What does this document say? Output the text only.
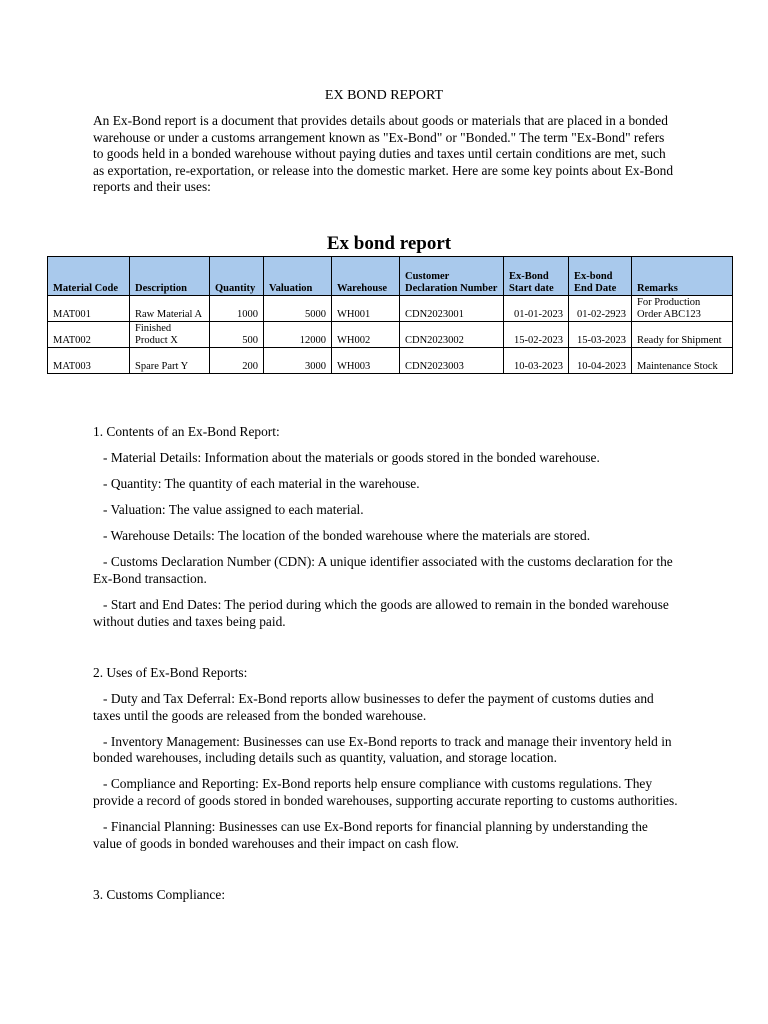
EX BOND REPORT
An Ex-Bond report is a document that provides details about goods or materials that are placed in a bonded warehouse or under a customs arrangement known as "Ex-Bond" or "Bonded." The term "Ex-Bond" refers to goods held in a bonded warehouse without paying duties and taxes until certain conditions are met, such as exportation, re-exportation, or release into the domestic market. Here are some key points about Ex-Bond reports and their uses:
Ex bond report
Material Code	Description	Quantity	Valuation	Warehouse	Customer Declaration Number	Ex-Bond Start date	Ex-bond End Date	Remarks
MAT001	Raw Material A	1000	5000	WH001	CDN2023001	01-01-2023	01-02-2923	For Production Order ABC123
MAT002	Finished Product X	500	12000	WH002	CDN2023002	15-02-2023	15-03-2023	Ready for Shipment
MAT003	Spare Part Y	200	3000	WH003	CDN2023003	10-03-2023	10-04-2023	Maintenance Stock

1. Contents of an Ex-Bond Report:

- Material Details: Information about the materials or goods stored in the bonded warehouse.

- Quantity: The quantity of each material in the warehouse.

- Valuation: The value assigned to each material.

- Warehouse Details: The location of the bonded warehouse where the materials are stored.

- Customs Declaration Number (CDN): A unique identifier associated with the customs declaration for the Ex-Bond transaction.

- Start and End Dates: The period during which the goods are allowed to remain in the bonded warehouse without duties and taxes being paid.

2. Uses of Ex-Bond Reports:

- Duty and Tax Deferral: Ex-Bond reports allow businesses to defer the payment of customs duties and taxes until the goods are released from the bonded warehouse.

- Inventory Management: Businesses can use Ex-Bond reports to track and manage their inventory held in bonded warehouses, including details such as quantity, valuation, and storage location.

- Compliance and Reporting: Ex-Bond reports help ensure compliance with customs regulations. They provide a record of goods stored in bonded warehouses, supporting accurate reporting to customs authorities.

- Financial Planning: Businesses can use Ex-Bond reports for financial planning by understanding the value of goods in bonded warehouses and their impact on cash flow.

3. Customs Compliance:
